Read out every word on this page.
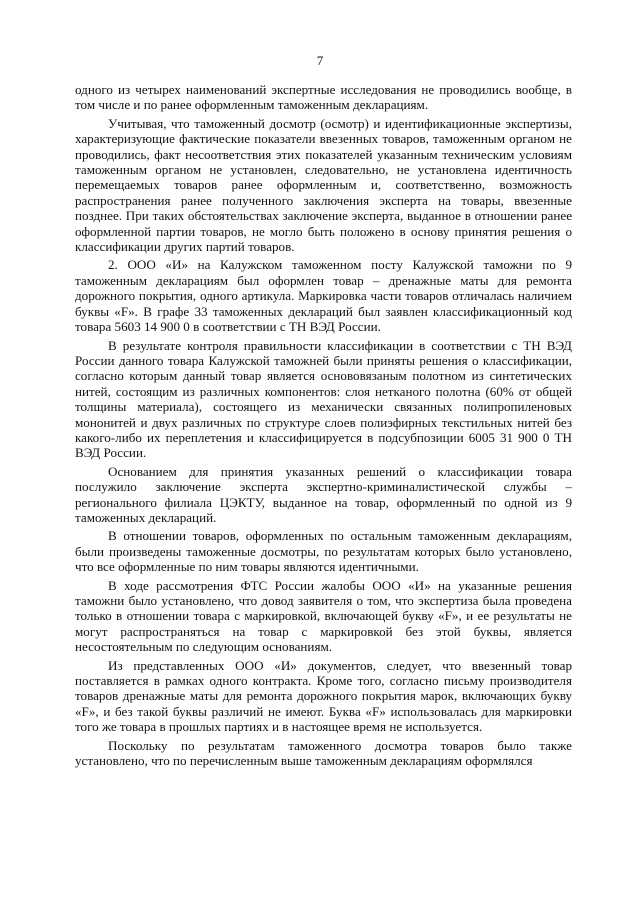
7

одного из четырех наименований экспертные исследования не проводились вообще, в том числе и по ранее оформленным таможенным декларациям.

Учитывая, что таможенный досмотр (осмотр) и идентификационные экспертизы, характеризующие фактические показатели ввезенных товаров, таможенным органом не проводились, факт несоответствия этих показателей указанным техническим условиям таможенным органом не установлен, следовательно, не установлена идентичность перемещаемых товаров ранее оформленным и, соответственно, возможность распространения ранее полученного заключения эксперта на товары, ввезенные позднее. При таких обстоятельствах заключение эксперта, выданное в отношении ранее оформленной партии товаров, не могло быть положено в основу принятия решения о классификации других партий товаров.

2. ООО «И» на Калужском таможенном посту Калужской таможни по 9 таможенным декларациям был оформлен товар – дренажные маты для ремонта дорожного покрытия, одного артикула. Маркировка части товаров отличалась наличием буквы «F». В графе 33 таможенных деклараций был заявлен классификационный код товара 5603 14 900 0 в соответствии с ТН ВЭД России.

В результате контроля правильности классификации в соответствии с ТН ВЭД России данного товара Калужской таможней были приняты решения о классификации, согласно которым данный товар является основовязаным полотном из синтетических нитей, состоящим из различных компонентов: слоя нетканого полотна (60% от общей толщины материала), состоящего из механически связанных полипропиленовых мононитей и двух различных по структуре слоев полиэфирных текстильных нитей без какого-либо их переплетения и классифицируется в подсубпозиции 6005 31 900 0 ТН ВЭД России.

Основанием для принятия указанных решений о классификации товара послужило заключение эксперта экспертно-криминалистической службы – регионального филиала ЦЭКТУ, выданное на товар, оформленный по одной из 9 таможенных деклараций.

В отношении товаров, оформленных по остальным таможенным декларациям, были произведены таможенные досмотры, по результатам которых было установлено, что все оформленные по ним товары являются идентичными.

В ходе рассмотрения ФТС России жалобы ООО «И» на указанные решения таможни было установлено, что довод заявителя о том, что экспертиза была проведена только в отношении товара с маркировкой, включающей букву «F», и ее результаты не могут распространяться на товар с маркировкой без этой буквы, является несостоятельным по следующим основаниям.

Из представленных ООО «И» документов, следует, что ввезенный товар поставляется в рамках одного контракта. Кроме того, согласно письму производителя товаров дренажные маты для ремонта дорожного покрытия марок, включающих букву «F», и без такой буквы различий не имеют. Буква «F» использовалась для маркировки того же товара в прошлых партиях и в настоящее время не используется.

Поскольку по результатам таможенного досмотра товаров было также установлено, что по перечисленным выше таможенным декларациям оформлялся
